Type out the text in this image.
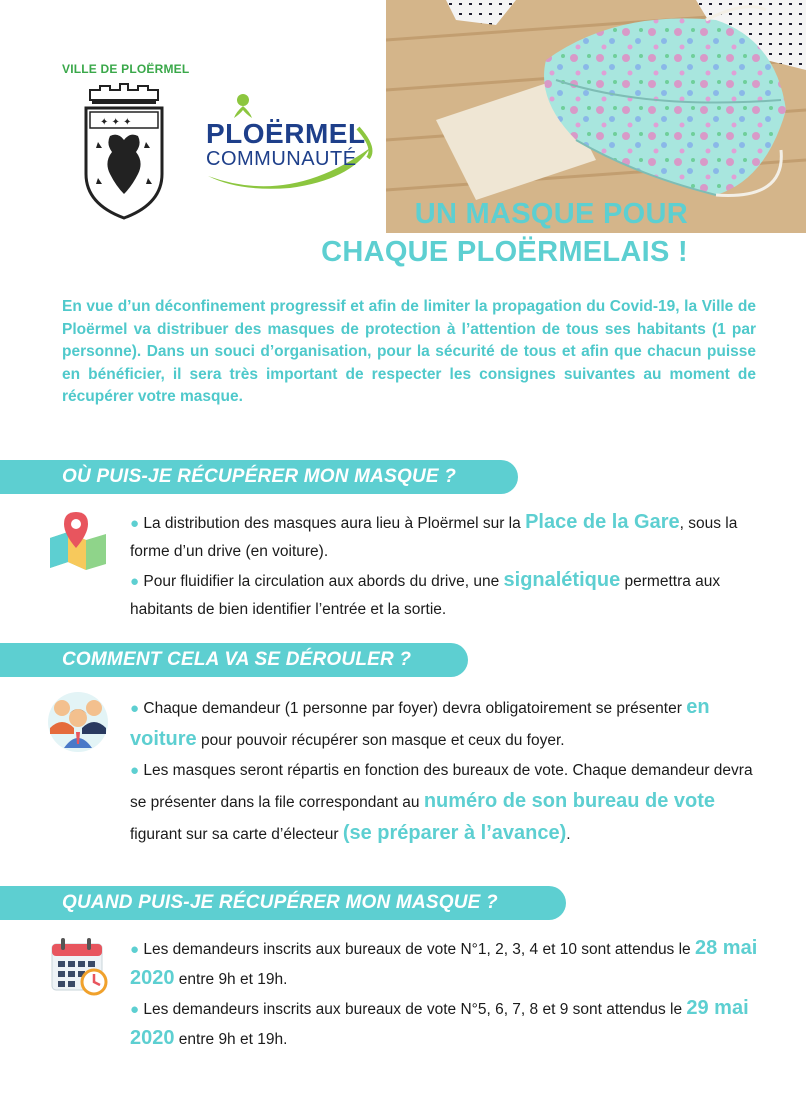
VILLE DE PLOËRMEL
✦ ✦ ✦	PLOËRMEL
COMMUNAUTÉ
UN MASQUE POUR
CHAQUE PLOËRMELAIS !
En vue d’un déconfinement progressif et afin de limiter la propagation du Covid-19, la Ville de Ploërmel va distribuer des masques de protection à l’attention de tous ses habitants (1 par personne). Dans un souci d’organisation, pour la sécurité de tous et afin que chacun puisse en bénéficier, il sera très important de respecter les consignes suivantes au moment de récupérer votre masque.
OÙ PUIS-JE RÉCUPÉRER MON MASQUE ?

● La distribution des masques aura lieu à Ploërmel sur la Place de la Gare, sous la forme d’un drive (en voiture).

● Pour fluidifier la circulation aux abords du drive, une signalétique permettra aux habitants de bien identifier l’entrée et la sortie.

COMMENT CELA VA SE DÉROULER ?

● Chaque demandeur (1 personne par foyer) devra obligatoirement se présenter en voiture pour pouvoir récupérer son masque et ceux du foyer.

● Les masques seront répartis en fonction des bureaux de vote. Chaque demandeur devra se présenter dans la file correspondant au numéro de son bureau de vote figurant sur sa carte d’électeur (se préparer à l’avance).

QUAND PUIS-JE RÉCUPÉRER MON MASQUE ?

● Les demandeurs inscrits aux bureaux de vote N°1, 2, 3, 4 et 10 sont attendus le 28 mai 2020 entre 9h et 19h.

● Les demandeurs inscrits aux bureaux de vote N°5, 6, 7, 8 et 9 sont attendus le 29 mai 2020 entre 9h et 19h.
